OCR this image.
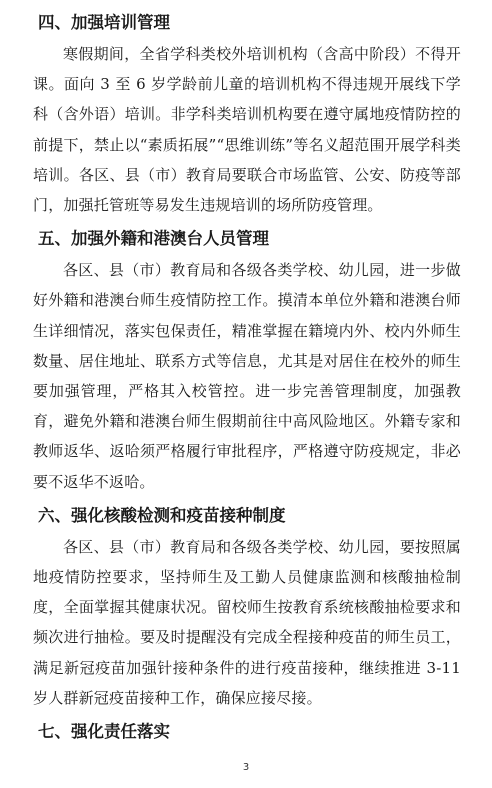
四、加强培训管理

寒假期间，全省学科类校外培训机构（含高中阶段）不得开课。面向 3 至 6 岁学龄前儿童的培训机构不得违规开展线下学科（含外语）培训。非学科类培训机构要在遵守属地疫情防控的前提下，禁止以“素质拓展”“思维训练”等名义超范围开展学科类培训。各区、县（市）教育局要联合市场监管、公安、防疫等部门，加强托管班等易发生违规培训的场所防疫管理。

五、加强外籍和港澳台人员管理

各区、县（市）教育局和各级各类学校、幼儿园，进一步做好外籍和港澳台师生疫情防控工作。摸清本单位外籍和港澳台师生详细情况，落实包保责任，精准掌握在籍境内外、校内外师生数量、居住地址、联系方式等信息，尤其是对居住在校外的师生要加强管理，严格其入校管控。进一步完善管理制度，加强教育，避免外籍和港澳台师生假期前往中高风险地区。外籍专家和教师返华、返哈须严格履行审批程序，严格遵守防疫规定，非必要不返华不返哈。

六、强化核酸检测和疫苗接种制度

各区、县（市）教育局和各级各类学校、幼儿园，要按照属地疫情防控要求，坚持师生及工勤人员健康监测和核酸抽检制度，全面掌握其健康状况。留校师生按教育系统核酸抽检要求和频次进行抽检。要及时提醒没有完成全程接种疫苗的师生员工，满足新冠疫苗加强针接种条件的进行疫苗接种，继续推进 3-11 岁人群新冠疫苗接种工作，确保应接尽接。

七、强化责任落实
3
